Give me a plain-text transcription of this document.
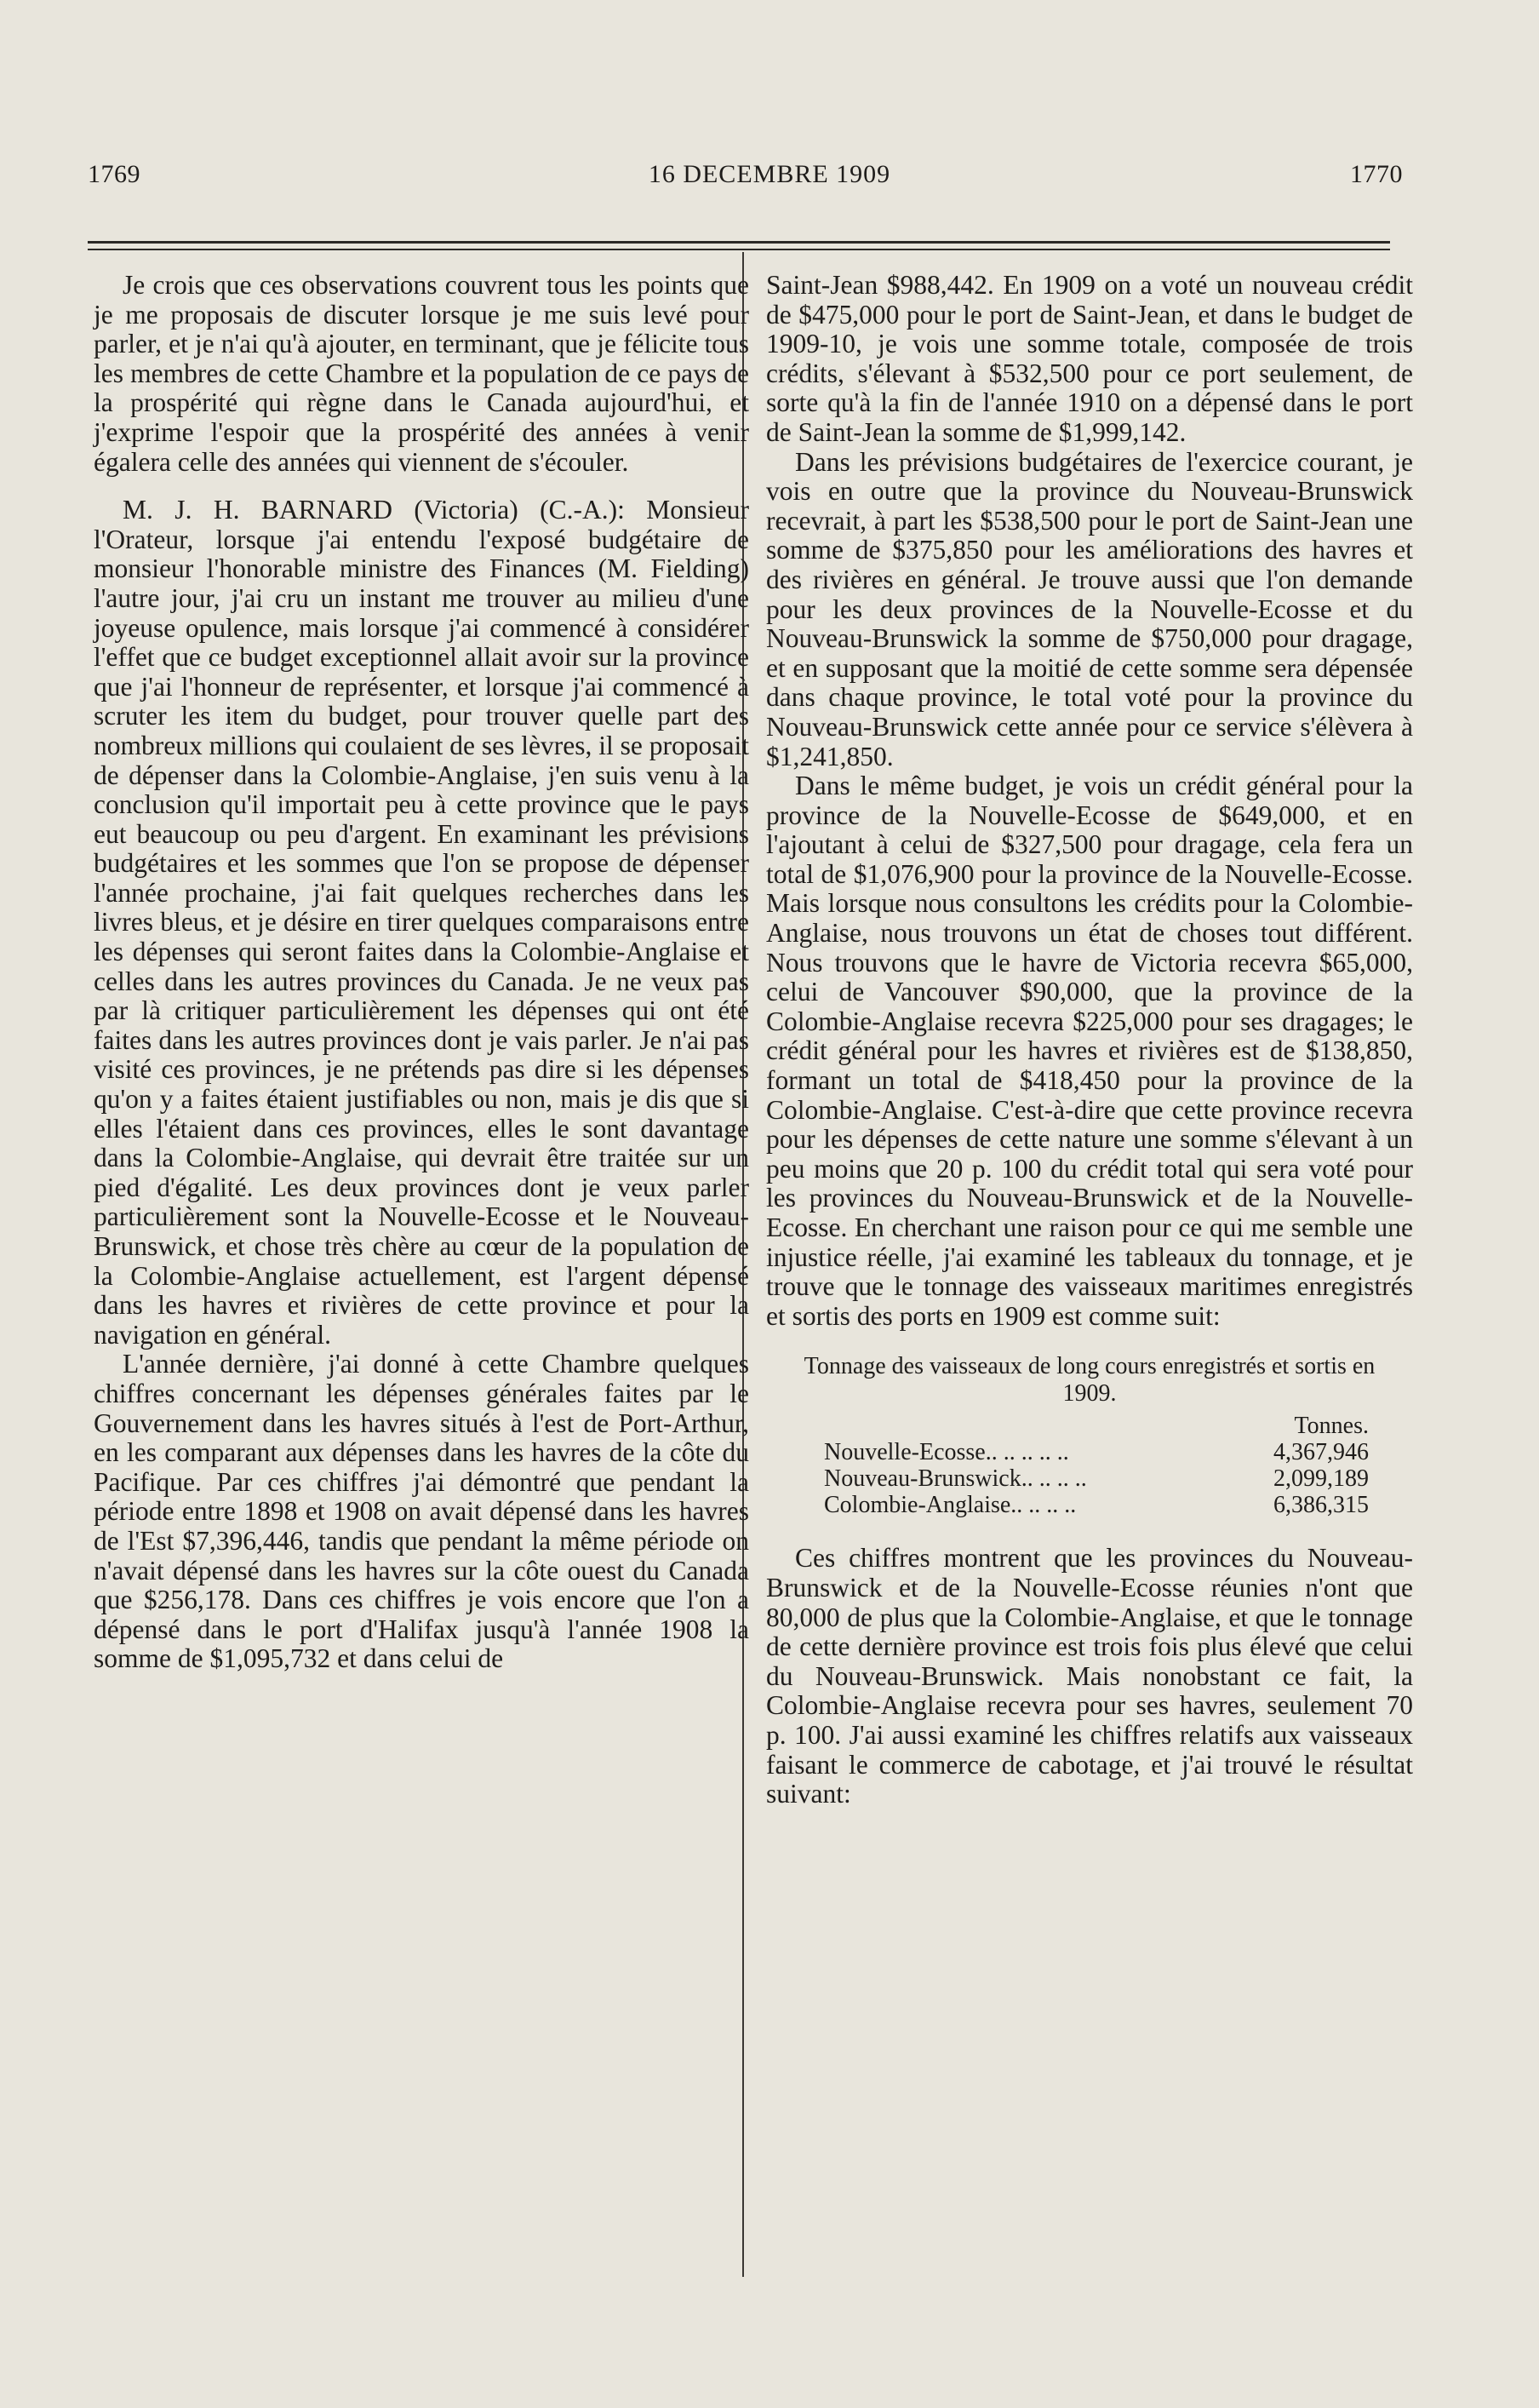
1769	16 DECEMBRE 1909	1770

Je crois que ces observations couvrent tous les points que je me proposais de discuter lorsque je me suis levé pour parler, et je n'ai qu'à ajouter, en terminant, que je félicite tous les membres de cette Chambre et la population de ce pays de la prospérité qui règne dans le Canada aujourd'hui, et j'exprime l'espoir que la prospérité des années à venir égalera celle des années qui viennent de s'écouler.

M. J. H. BARNARD (Victoria) (C.-A.): Monsieur l'Orateur, lorsque j'ai entendu l'exposé budgétaire de monsieur l'honorable ministre des Finances (M. Fielding) l'autre jour, j'ai cru un instant me trouver au milieu d'une joyeuse opulence, mais lorsque j'ai commencé à considérer l'effet que ce budget exceptionnel allait avoir sur la province que j'ai l'honneur de représenter, et lorsque j'ai commencé à scruter les item du budget, pour trouver quelle part des nombreux millions qui coulaient de ses lèvres, il se proposait de dépenser dans la Colombie-Anglaise, j'en suis venu à la conclusion qu'il importait peu à cette province que le pays eut beaucoup ou peu d'argent. En examinant les prévisions budgétaires et les sommes que l'on se propose de dépenser l'année prochaine, j'ai fait quelques recherches dans les livres bleus, et je désire en tirer quelques comparaisons entre les dépenses qui seront faites dans la Colombie-Anglaise et celles dans les autres provinces du Canada. Je ne veux pas par là critiquer particulièrement les dépenses qui ont été faites dans les autres provinces dont je vais parler. Je n'ai pas visité ces provinces, je ne prétends pas dire si les dépenses qu'on y a faites étaient justifiables ou non, mais je dis que si elles l'étaient dans ces provinces, elles le sont davantage dans la Colombie-Anglaise, qui devrait être traitée sur un pied d'égalité. Les deux provinces dont je veux parler particulièrement sont la Nouvelle-Ecosse et le Nouveau-Brunswick, et chose très chère au cœur de la population de la Colombie-Anglaise actuellement, est l'argent dépensé dans les havres et rivières de cette province et pour la navigation en général.

L'année dernière, j'ai donné à cette Chambre quelques chiffres concernant les dépenses générales faites par le Gouvernement dans les havres situés à l'est de Port-Arthur, en les comparant aux dépenses dans les havres de la côte du Pacifique. Par ces chiffres j'ai démontré que pendant la période entre 1898 et 1908 on avait dépensé dans les havres de l'Est $7,396,446, tandis que pendant la même période on n'avait dépensé dans les havres sur la côte ouest du Canada que $256,178. Dans ces chiffres je vois encore que l'on a dépensé dans le port d'Halifax jusqu'à l'année 1908 la somme de $1,095,732 et dans celui de

Saint-Jean $988,442. En 1909 on a voté un nouveau crédit de $475,000 pour le port de Saint-Jean, et dans le budget de 1909-10, je vois une somme totale, composée de trois crédits, s'élevant à $532,500 pour ce port seulement, de sorte qu'à la fin de l'année 1910 on a dépensé dans le port de Saint-Jean la somme de $1,999,142.

Dans les prévisions budgétaires de l'exercice courant, je vois en outre que la province du Nouveau-Brunswick recevrait, à part les $538,500 pour le port de Saint-Jean une somme de $375,850 pour les améliorations des havres et des rivières en général. Je trouve aussi que l'on demande pour les deux provinces de la Nouvelle-Ecosse et du Nouveau-Brunswick la somme de $750,000 pour dragage, et en supposant que la moitié de cette somme sera dépensée dans chaque province, le total voté pour la province du Nouveau-Brunswick cette année pour ce service s'élèvera à $1,241,850.

Dans le même budget, je vois un crédit général pour la province de la Nouvelle-Ecosse de $649,000, et en l'ajoutant à celui de $327,500 pour dragage, cela fera un total de $1,076,900 pour la province de la Nouvelle-Ecosse. Mais lorsque nous consultons les crédits pour la Colombie-Anglaise, nous trouvons un état de choses tout différent. Nous trouvons que le havre de Victoria recevra $65,000, celui de Vancouver $90,000, que la province de la Colombie-Anglaise recevra $225,000 pour ses dragages; le crédit général pour les havres et rivières est de $138,850, formant un total de $418,450 pour la province de la Colombie-Anglaise. C'est-à-dire que cette province recevra pour les dépenses de cette nature une somme s'élevant à un peu moins que 20 p. 100 du crédit total qui sera voté pour les provinces du Nouveau-Brunswick et de la Nouvelle-Ecosse. En cherchant une raison pour ce qui me semble une injustice réelle, j'ai examiné les tableaux du tonnage, et je trouve que le tonnage des vaisseaux maritimes enregistrés et sortis des ports en 1909 est comme suit:

Tonnage des vaisseaux de long cours enregistrés et sortis en 1909.
	Tonnes.
Nouvelle-Ecosse.. .. .. .. ..	4,367,946
Nouveau-Brunswick.. .. .. ..	2,099,189
Colombie-Anglaise.. .. .. ..	6,386,315

Ces chiffres montrent que les provinces du Nouveau-Brunswick et de la Nouvelle-Ecosse réunies n'ont que 80,000 de plus que la Colombie-Anglaise, et que le tonnage de cette dernière province est trois fois plus élevé que celui du Nouveau-Brunswick. Mais nonobstant ce fait, la Colombie-Anglaise recevra pour ses havres, seulement 70 p. 100. J'ai aussi examiné les chiffres relatifs aux vaisseaux faisant le commerce de cabotage, et j'ai trouvé le résultat suivant:
